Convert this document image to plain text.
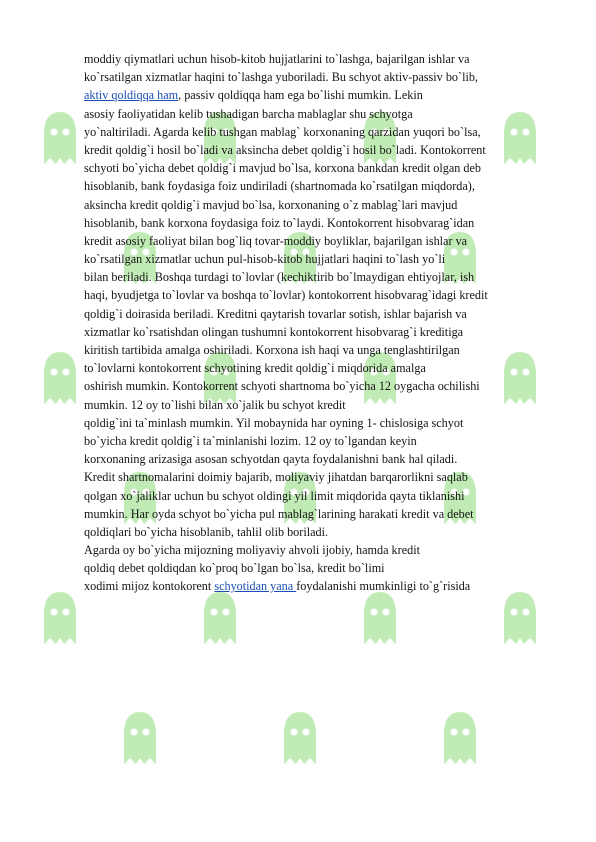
moddiy qiymatlari uchun hisob-kitob hujjatlarini to`lashga, bajarilgan ishlar va
ko`rsatilgan xizmatlar haqini to`lashga yuboriladi. Bu schyot aktiv-passiv bo`lib,
aktiv qoldiqqa ham, passiv qoldiqqa ham ega bo`lishi mumkin. Lekin
asosiy faoliyatidan kelib tushadigan barcha mablaglar shu schyotga
yo`naltiriladi. Agarda kelib tushgan mablag` korxonaning qarzidan yuqori bo`lsa,
kredit qoldig`i hosil bo`ladi va aksincha debet qoldig`i hosil bo`ladi. Kontokorrent
schyoti bo`yicha debet qoldig`i mavjud bo`lsa, korxona bankdan kredit olgan deb
hisoblanib, bank foydasiga foiz undiriladi (shartnomada ko`rsatilgan miqdorda),
aksincha kredit qoldig`i mavjud bo`lsa, korxonaning o`z mablag`lari mavjud
hisoblanib, bank korxona foydasiga foiz to`laydi. Kontokorrent hisobvarag`idan
kredit asosiy faoliyat bilan bog`liq tovar-moddiy boyliklar, bajarilgan ishlar va
ko`rsatilgan xizmatlar uchun pul-hisob-kitob hujjatlari haqini to`lash yo`li
bilan beriladi. Boshqa turdagi to`lovlar (kechiktirib bo`lmaydigan ehtiyojlar, ish
haqi, byudjetga to`lovlar va boshqa to`lovlar) kontokorrent hisobvarag`idagi kredit
qoldig`i doirasida beriladi. Kreditni qaytarish tovarlar sotish, ishlar bajarish va
xizmatlar ko`rsatishdan olingan tushumni kontokorrent hisobvarag`i kreditiga
kiritish tartibida amalga oshiriladi. Korxona ish haqi va unga tenglashtirilgan
to`lovlarni kontokorrent schyotining kredit qoldig`i miqdorida amalga
oshirish mumkin. Kontokorrent schyoti shartnoma bo`yicha 12 oygacha ochilishi
mumkin. 12 oy to`lishi bilan xo`jalik bu schyot kredit
qoldig`ini ta`minlash mumkin. Yil mobaynida har oyning 1- chislosiga schyot
bo`yicha kredit qoldig`i ta`minlanishi lozim. 12 oy to`lgandan keyin
korxonaning arizasiga asosan schyotdan qayta foydalanishni bank hal qiladi.
Kredit shartnomalarini doimiy bajarib, moliyaviy jihatdan barqarorlikni saqlab
qolgan xo`jaliklar uchun bu schyot oldingi yil limit miqdorida qayta tiklanishi
mumkin. Har oyda schyot bo`yicha pul mablag`larining harakati kredit va debet
qoldiqlari bo`yicha hisoblanib, tahlil olib boriladi.
Agarda oy bo`yicha mijozning moliyaviy ahvoli ijobiy, hamda kredit
qoldiq debet qoldiqdan ko`proq bo`lgan bo`lsa, kredit bo`limi
xodimi mijoz kontokorent schyotidan yana foydalanishi mumkinligi to`g`risida
